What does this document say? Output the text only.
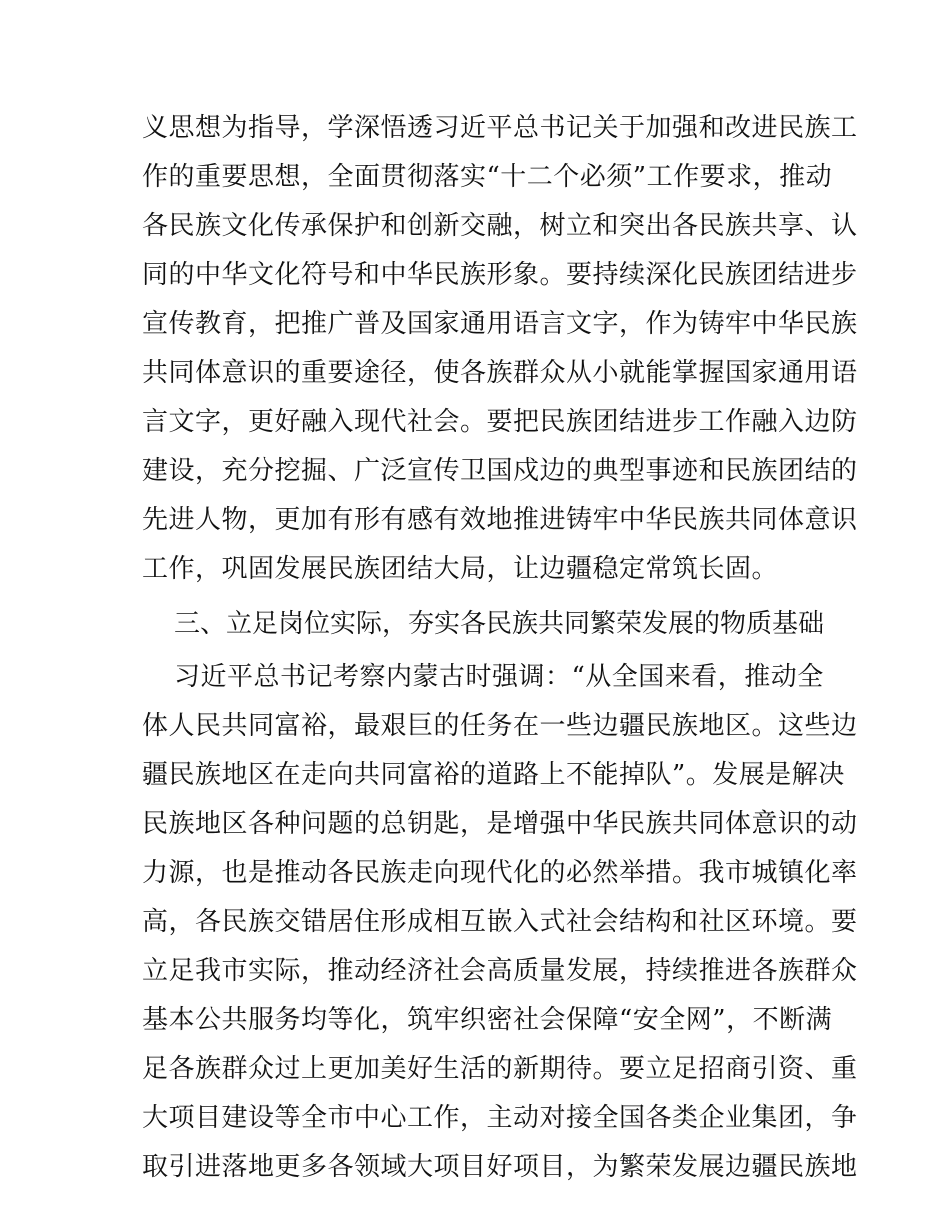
义思想为指导，学深悟透习近平总书记关于加强和改进民族工
作的重要思想，全面贯彻落实“十二个必须”工作要求，推动
各民族文化传承保护和创新交融，树立和突出各民族共享、认
同的中华文化符号和中华民族形象。要持续深化民族团结进步
宣传教育，把推广普及国家通用语言文字，作为铸牢中华民族
共同体意识的重要途径，使各族群众从小就能掌握国家通用语
言文字，更好融入现代社会。要把民族团结进步工作融入边防
建设，充分挖掘、广泛宣传卫国戍边的典型事迹和民族团结的
先进人物，更加有形有感有效地推进铸牢中华民族共同体意识
工作，巩固发展民族团结大局，让边疆稳定常筑长固。

三、立足岗位实际，夯实各民族共同繁荣发展的物质基础

习近平总书记考察内蒙古时强调：“从全国来看，推动全
体人民共同富裕，最艰巨的任务在一些边疆民族地区。这些边
疆民族地区在走向共同富裕的道路上不能掉队”。发展是解决
民族地区各种问题的总钥匙，是增强中华民族共同体意识的动
力源，也是推动各民族走向现代化的必然举措。我市城镇化率
高，各民族交错居住形成相互嵌入式社会结构和社区环境。要
立足我市实际，推动经济社会高质量发展，持续推进各族群众
基本公共服务均等化，筑牢织密社会保障“安全网”，不断满
足各族群众过上更加美好生活的新期待。要立足招商引资、重
大项目建设等全市中心工作，主动对接全国各类企业集团，争
取引进落地更多各领域大项目好项目，为繁荣发展边疆民族地
